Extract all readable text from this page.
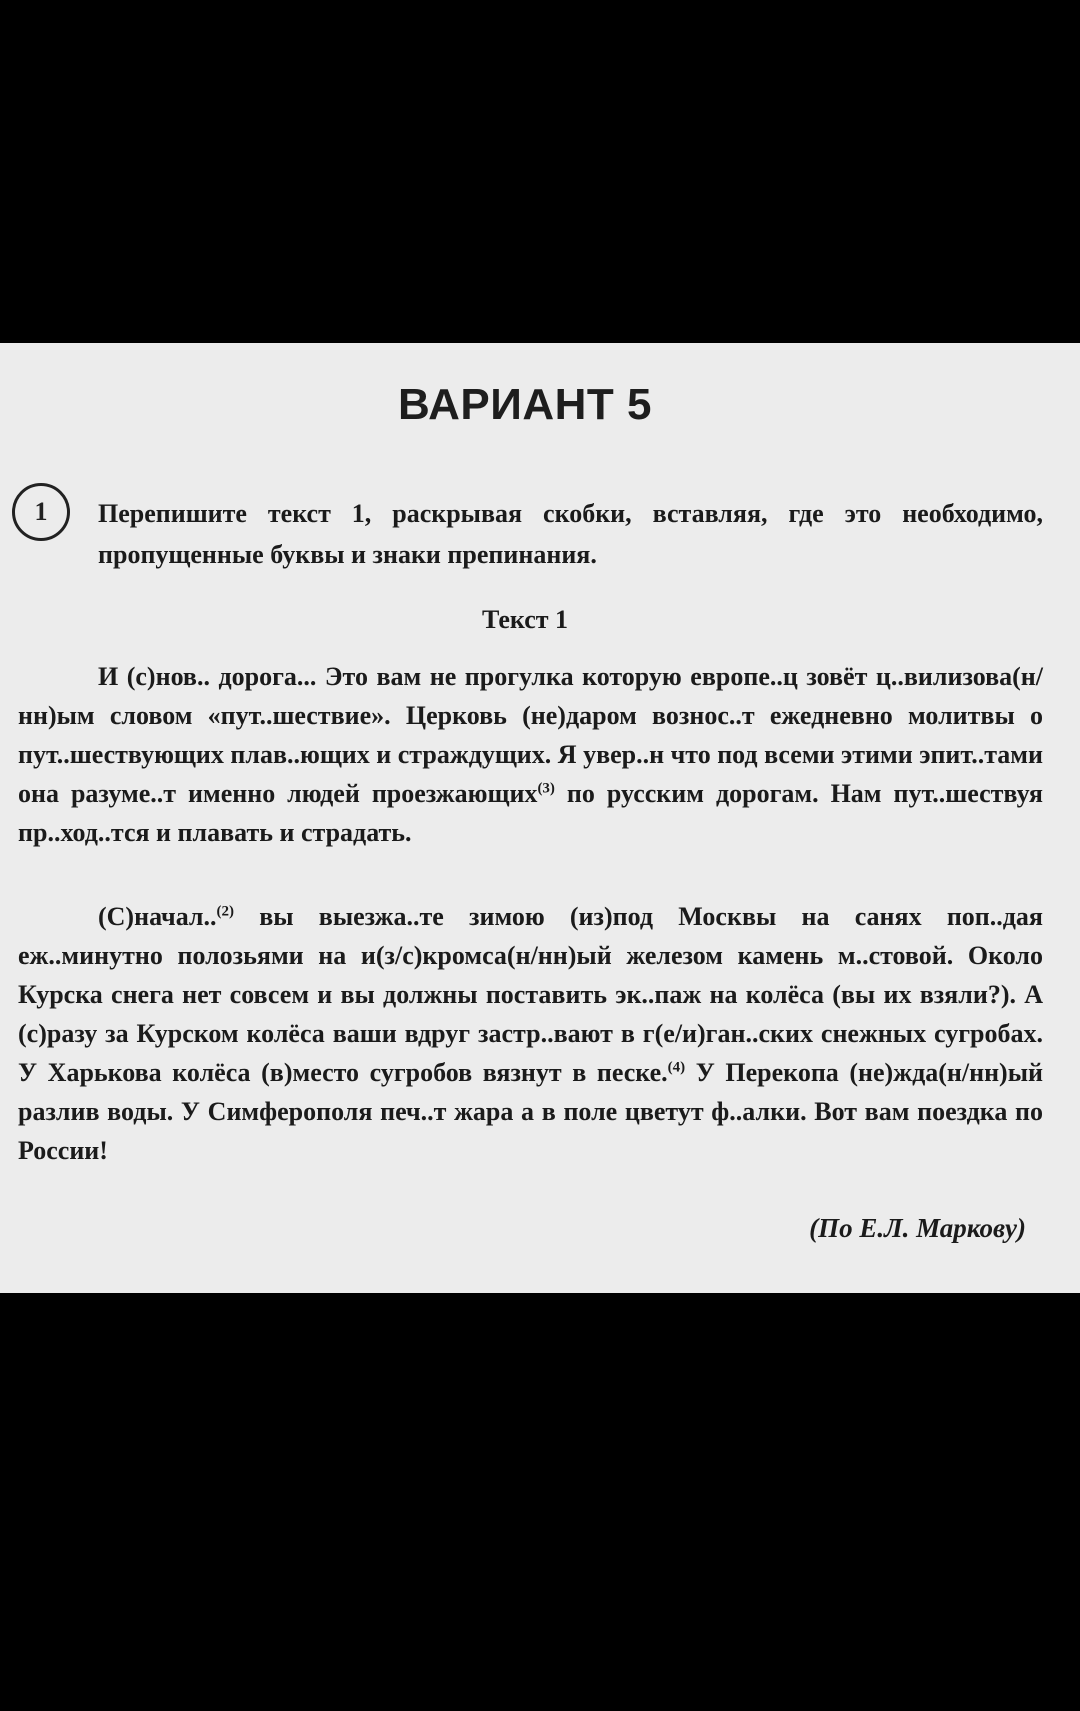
ВАРИАНТ 5
1	Перепишите текст 1, раскрывая скобки, вставляя, где это необходимо, пропущенные буквы и знаки препинания.

Текст 1

И (с)нов.. дорога... Это вам не прогулка которую европе..ц зовёт ц..вилизова(н/нн)ым словом «пут..шествие». Церковь (не)даром вознос..т ежедневно молитвы о пут..шествующих плав..ющих и страждущих. Я увер..н что под всеми этими эпит..тами она разуме..т именно людей проезжающих$^{(3)}$ по русским дорогам. Нам пут..шествуя пр..ход..тся и плавать и страдать.

(С)начал..$^{(2)}$ вы выезжа..те зимою (из)под Москвы на санях поп..дая еж..минутно полозьями на и(з/с)кромса(н/нн)ый железом камень м..стовой. Около Курска снега нет совсем и вы должны поставить эк..паж на колёса (вы их взяли?). А (с)разу за Курском колёса ваши вдруг застр..вают в г(е/и)ган..ских снежных сугробах. У Харькова колёса (в)место сугробов вязнут в песке.$^{(4)}$ У Перекопа (не)жда(н/нн)ый разлив воды. У Симферополя печ..т жара а в поле цветут ф..алки. Вот вам поездка по России!

(По Е.Л. Маркову)
